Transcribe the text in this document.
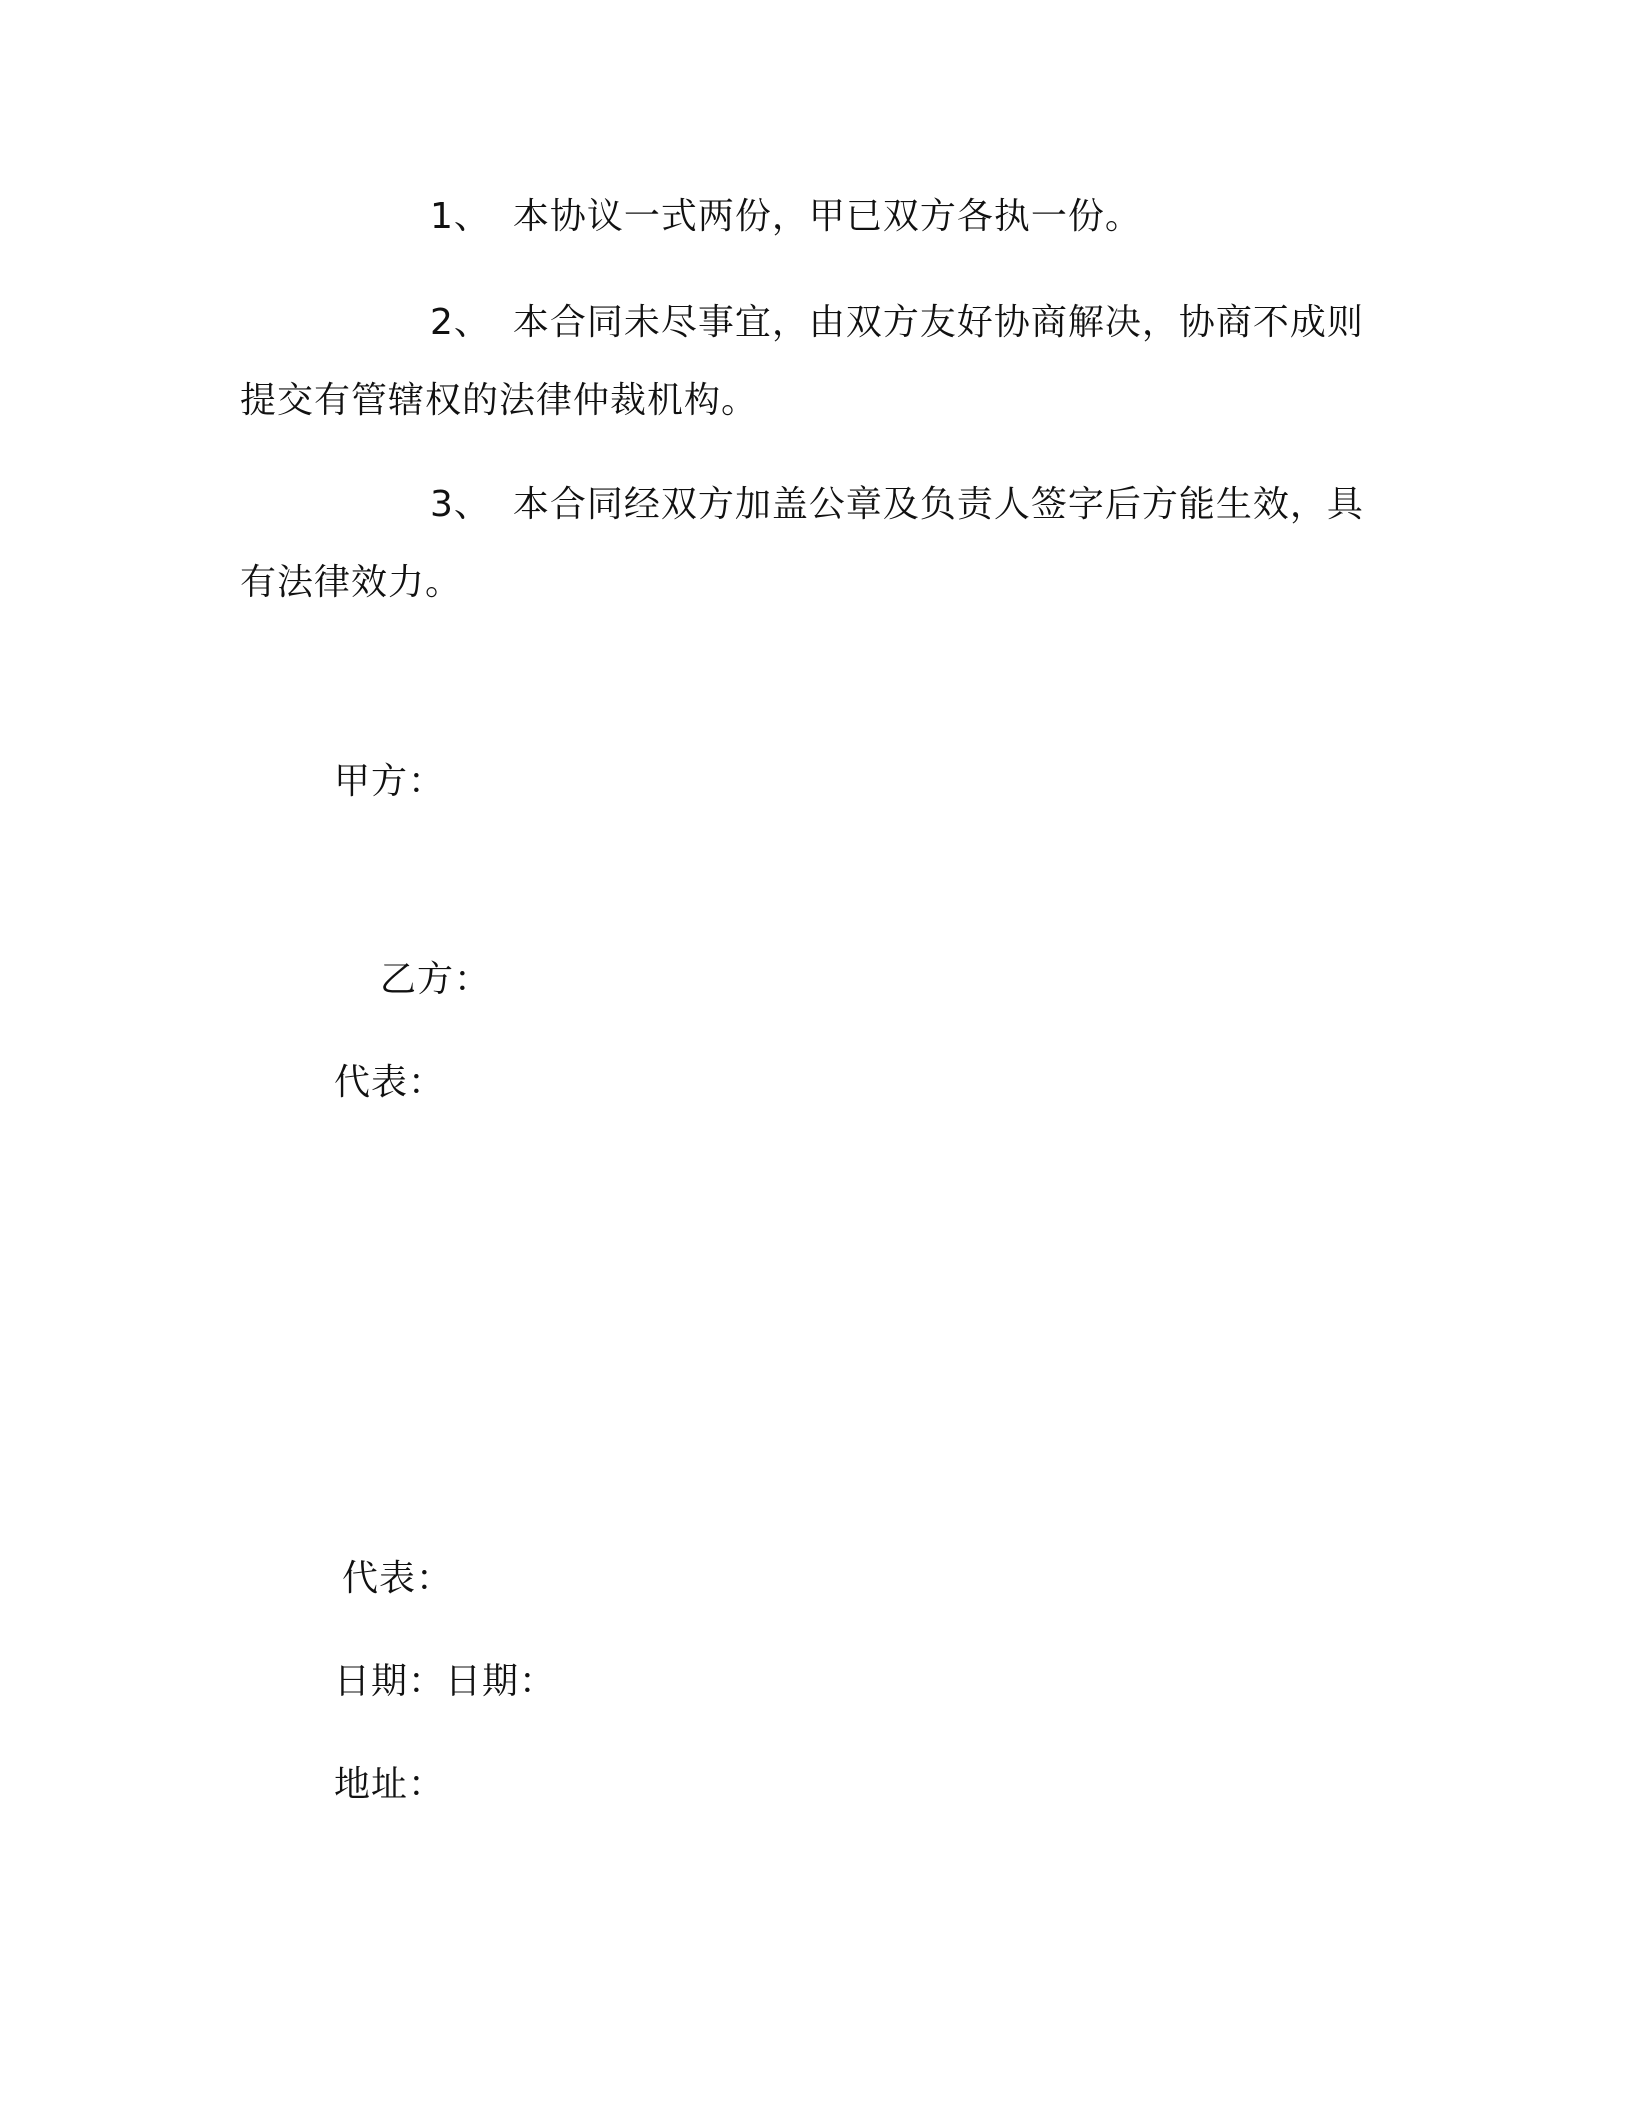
1、 本协议一式两份，甲已双方各执一份。

2、 本合同未尽事宜，由双方友好协商解决，协商不成则提交有管辖权的法律仲裁机构。

3、 本合同经双方加盖公章及负责人签字后方能生效，具有法律效力。

甲方：
乙方：
代表：
代表：
日期：日期：
地址：
